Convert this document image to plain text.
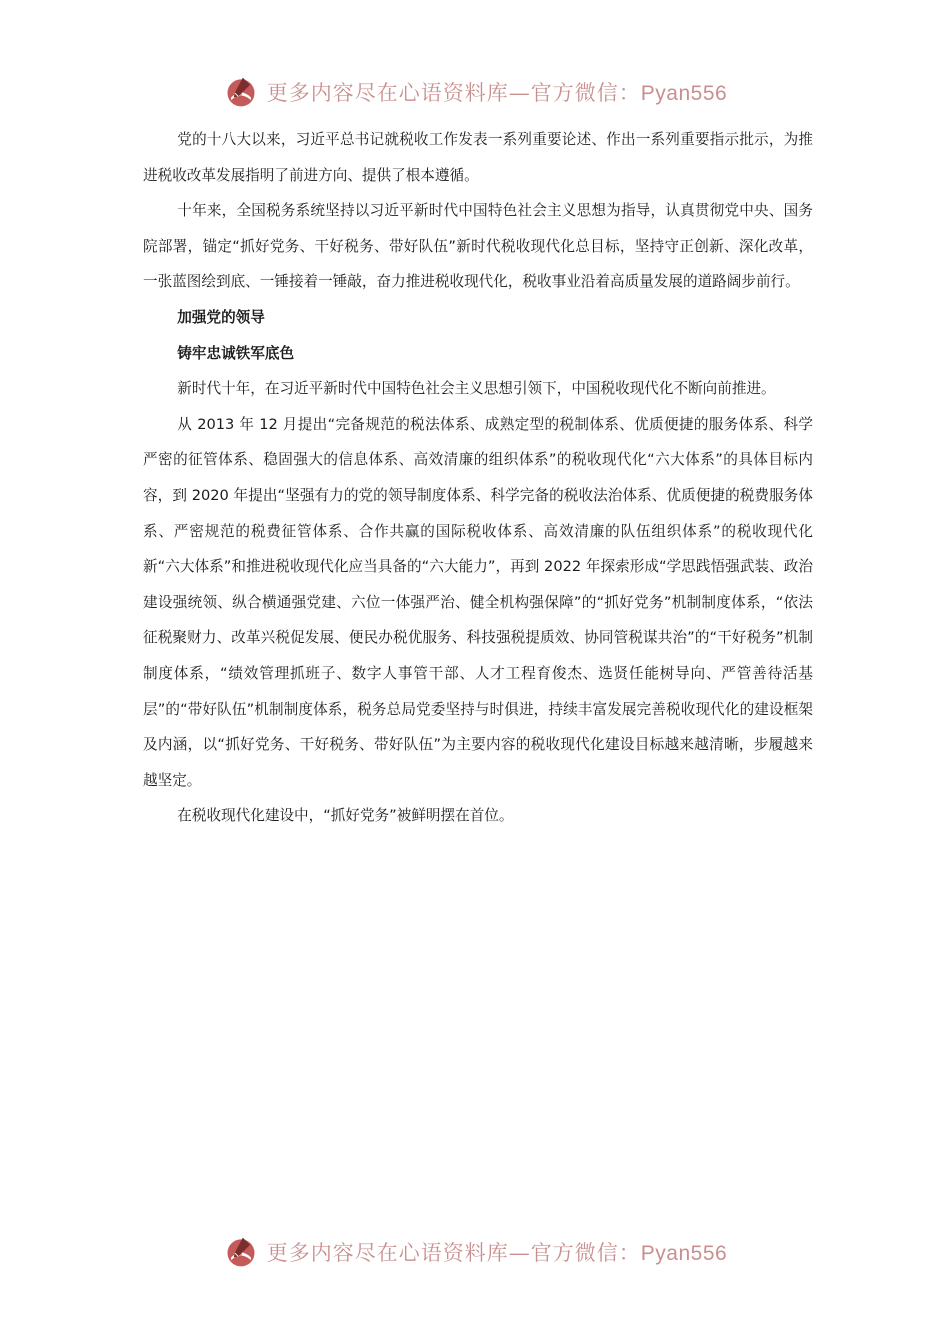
更多内容尽在心语资料库—官方微信：Pyan556

党的十八大以来，习近平总书记就税收工作发表一系列重要论述、作出一系列重要指示批示，为推进税收改革发展指明了前进方向、提供了根本遵循。

十年来，全国税务系统坚持以习近平新时代中国特色社会主义思想为指导，认真贯彻党中央、国务院部署，锚定“抓好党务、干好税务、带好队伍”新时代税收现代化总目标，坚持守正创新、深化改革，一张蓝图绘到底、一锤接着一锤敲，奋力推进税收现代化，税收事业沿着高质量发展的道路阔步前行。

加强党的领导

铸牢忠诚铁军底色

新时代十年，在习近平新时代中国特色社会主义思想引领下，中国税收现代化不断向前推进。

从 2013 年 12 月提出“完备规范的税法体系、成熟定型的税制体系、优质便捷的服务体系、科学严密的征管体系、稳固强大的信息体系、高效清廉的组织体系”的税收现代化“六大体系”的具体目标内容，到 2020 年提出“坚强有力的党的领导制度体系、科学完备的税收法治体系、优质便捷的税费服务体系、严密规范的税费征管体系、合作共赢的国际税收体系、高效清廉的队伍组织体系”的税收现代化新“六大体系”和推进税收现代化应当具备的“六大能力”，再到 2022 年探索形成“学思践悟强武装、政治建设强统领、纵合横通强党建、六位一体强严治、健全机构强保障”的“抓好党务”机制制度体系，“依法征税聚财力、改革兴税促发展、便民办税优服务、科技强税提质效、协同管税谋共治”的“干好税务”机制制度体系，“绩效管理抓班子、数字人事管干部、人才工程育俊杰、选贤任能树导向、严管善待活基层”的“带好队伍”机制制度体系，税务总局党委坚持与时俱进，持续丰富发展完善税收现代化的建设框架及内涵，以“抓好党务、干好税务、带好队伍”为主要内容的税收现代化建设目标越来越清晰，步履越来越坚定。

在税收现代化建设中，“抓好党务”被鲜明摆在首位。

更多内容尽在心语资料库—官方微信：Pyan556
